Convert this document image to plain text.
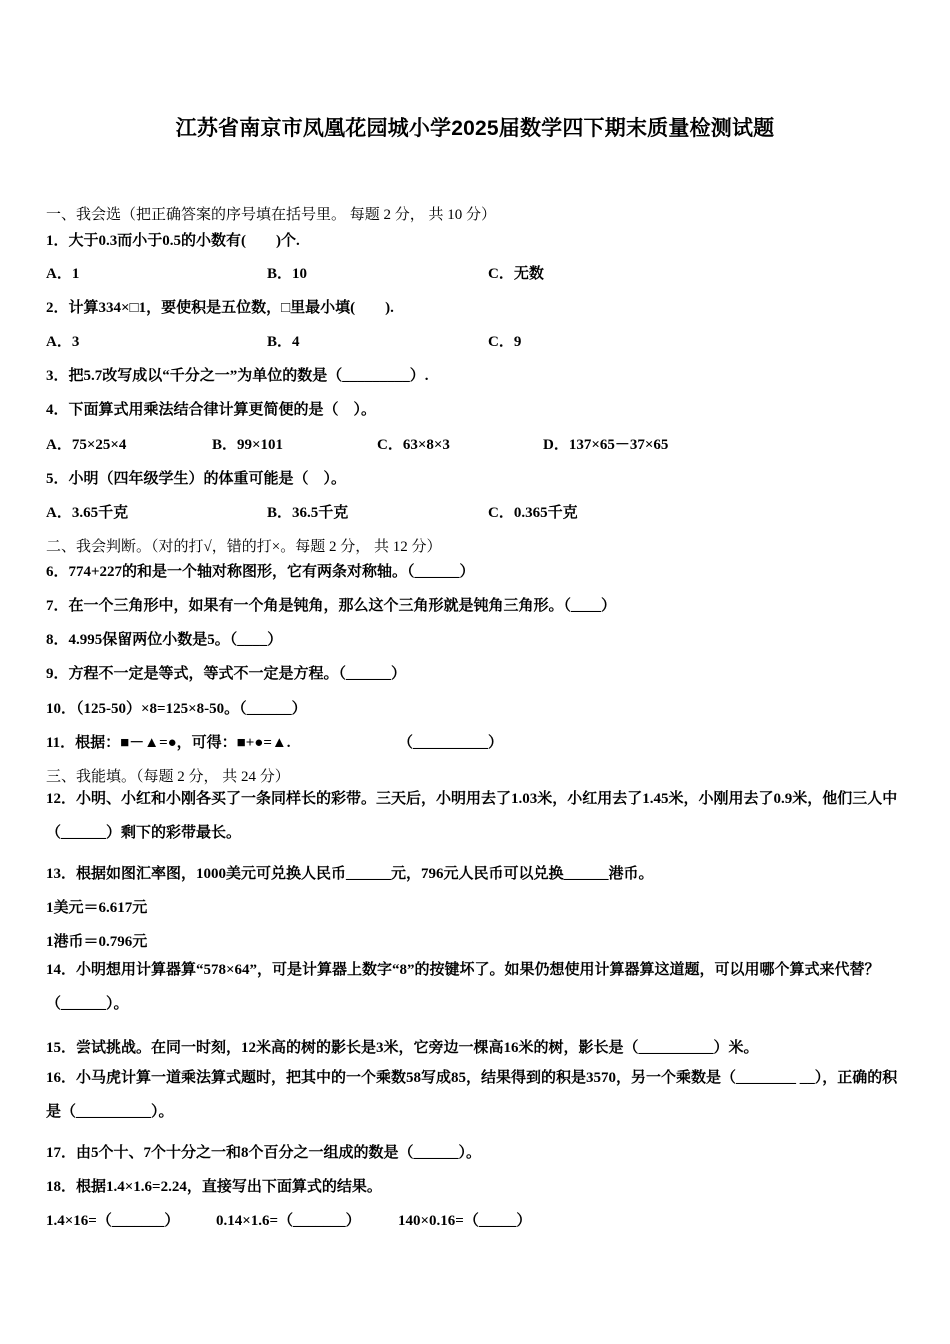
江苏省南京市凤凰花园城小学2025届数学四下期末质量检测试题
一、我会选（把正确答案的序号填在括号里。 每题 2 分， 共 10 分）
1．大于0.3而小于0.5的小数有(　　)个.
A．1	B．10	C．无数
2．计算334×□1，要使积是五位数，□里最小填(　　).
A．3	B．4	C．9
3．把5.7改写成以“千分之一”为单位的数是（_________）.
4．下面算式用乘法结合律计算更简便的是（　）。
A．75×25×4	B．99×101	C．63×8×3	D．137×65－37×65
5．小明（四年级学生）的体重可能是（　）。
A．3.65千克	B．36.5千克	C．0.365千克
二、我会判断。（对的打√，错的打×。每题 2 分， 共 12 分）
6．774+227的和是一个轴对称图形，它有两条对称轴。（______）
7．在一个三角形中，如果有一个角是钝角，那么这个三角形就是钝角三角形。（____）
8．4.995保留两位小数是5。（____）
9．方程不一定是等式，等式不一定是方程。（______）
10．（125-50）×8=125×8-50。（______）
11．根据：■－▲=●，可得：■+●=▲.	（__________）
三、我能填。（每题 2 分， 共 24 分）
12．小明、小红和小刚各买了一条同样长的彩带。三天后，小明用去了1.03米，小红用去了1.45米，小刚用去了0.9米，他们三人中（______）剩下的彩带最长。
13．根据如图汇率图，1000美元可兑换人民币______元，796元人民币可以兑换______港币。
1美元＝6.617元
1港币＝0.796元
14．小明想用计算器算“578×64”，可是计算器上数字“8”的按键坏了。如果仍想使用计算器算这道题，可以用哪个算式来代替？（______）。
15．尝试挑战。在同一时刻，12米高的树的影长是3米，它旁边一棵高16米的树，影长是（__________）米。
16．小马虎计算一道乘法算式题时，把其中的一个乘数58写成85，结果得到的积是3570，另一个乘数是（________ __），正确的积是（__________）。
17．由5个十、7个十分之一和8个百分之一组成的数是（______）。
18．根据1.4×1.6=2.24，直接写出下面算式的结果。
1.4×16=（_______） 0.14×1.6=（_______） 140×0.16=（_____）
